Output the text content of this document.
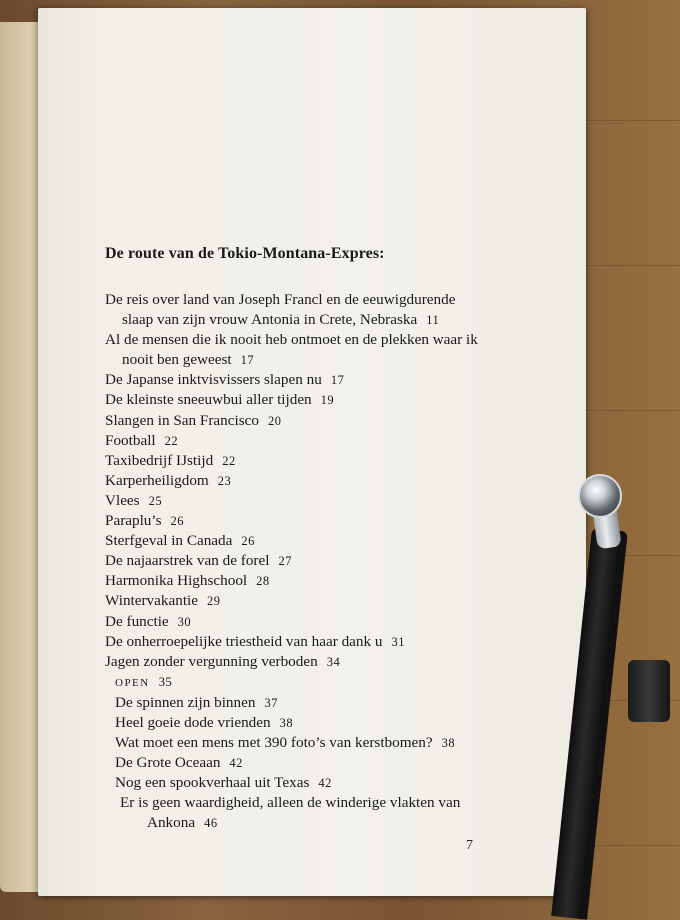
De route van de Tokio-Montana-Expres:
De reis over land van Joseph Francl en de eeuwigdurende
slaap van zijn vrouw Antonia in Crete, Nebraska 11
Al de mensen die ik nooit heb ontmoet en de plekken waar ik
nooit ben geweest 17
De Japanse inktvisvissers slapen nu 17
De kleinste sneeuwbui aller tijden 19
Slangen in San Francisco 20
Football 22
Taxibedrijf IJstijd 22
Karperheiligdom 23
Vlees 25
Paraplu’s 26
Sterfgeval in Canada 26
De najaarstrek van de forel 27
Harmonika Highschool 28
Wintervakantie 29
De functie 30
De onherroepelijke triestheid van haar dank u 31
Jagen zonder vergunning verboden 34
OPEN 35
De spinnen zijn binnen 37
Heel goeie dode vrienden 38
Wat moet een mens met 390 foto’s van kerstbomen? 38
De Grote Oceaan 42
Nog een spookverhaal uit Texas 42
Er is geen waardigheid, alleen de winderige vlakten van
Ankona 46
7
